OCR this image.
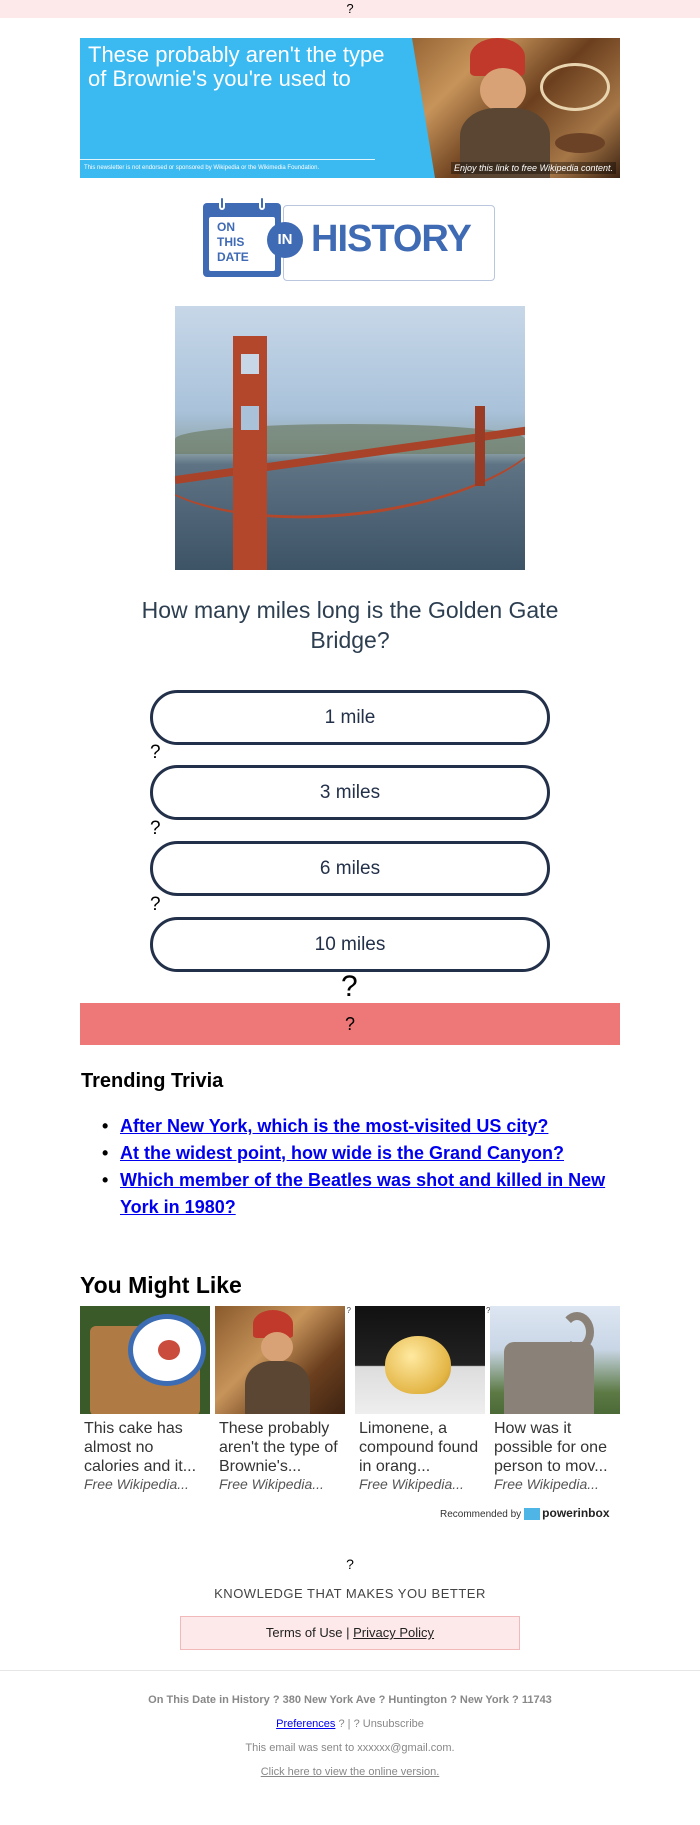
?
These probably aren't the type of Brownie's you're used to
This newsletter is not endorsed or sponsored by Wikipedia or the Wikimedia Foundation.	Enjoy this link to free Wikipedia content.
ON
THIS
DATE
IN HISTORY
How many miles long is the Golden Gate Bridge?
1 mile
?
3 miles
?
6 miles
?
10 miles
?
?
Trending Trivia
• After New York, which is the most-visited US city?
• At the widest point, how wide is the Grand Canyon?
• Which member of the Beatles was shot and killed in New York in 1980?
You Might Like
This cake has almost no calories and it...
Free Wikipedia...
?
These probably aren't the type of Brownie's...
Free Wikipedia...
Limonene, a compound found in orang...
Free Wikipedia...
?
How was it possible for one person to mov...
Free Wikipedia...
Recommended by powerinbox
?
KNOWLEDGE THAT MAKES YOU BETTER
Terms of Use | Privacy Policy
On This Date in History ? 380 New York Ave ? Huntington ? New York ? 11743
Preferences ? | ? Unsubscribe
This email was sent to xxxxxx@gmail.com.
Click here to view the online version.
